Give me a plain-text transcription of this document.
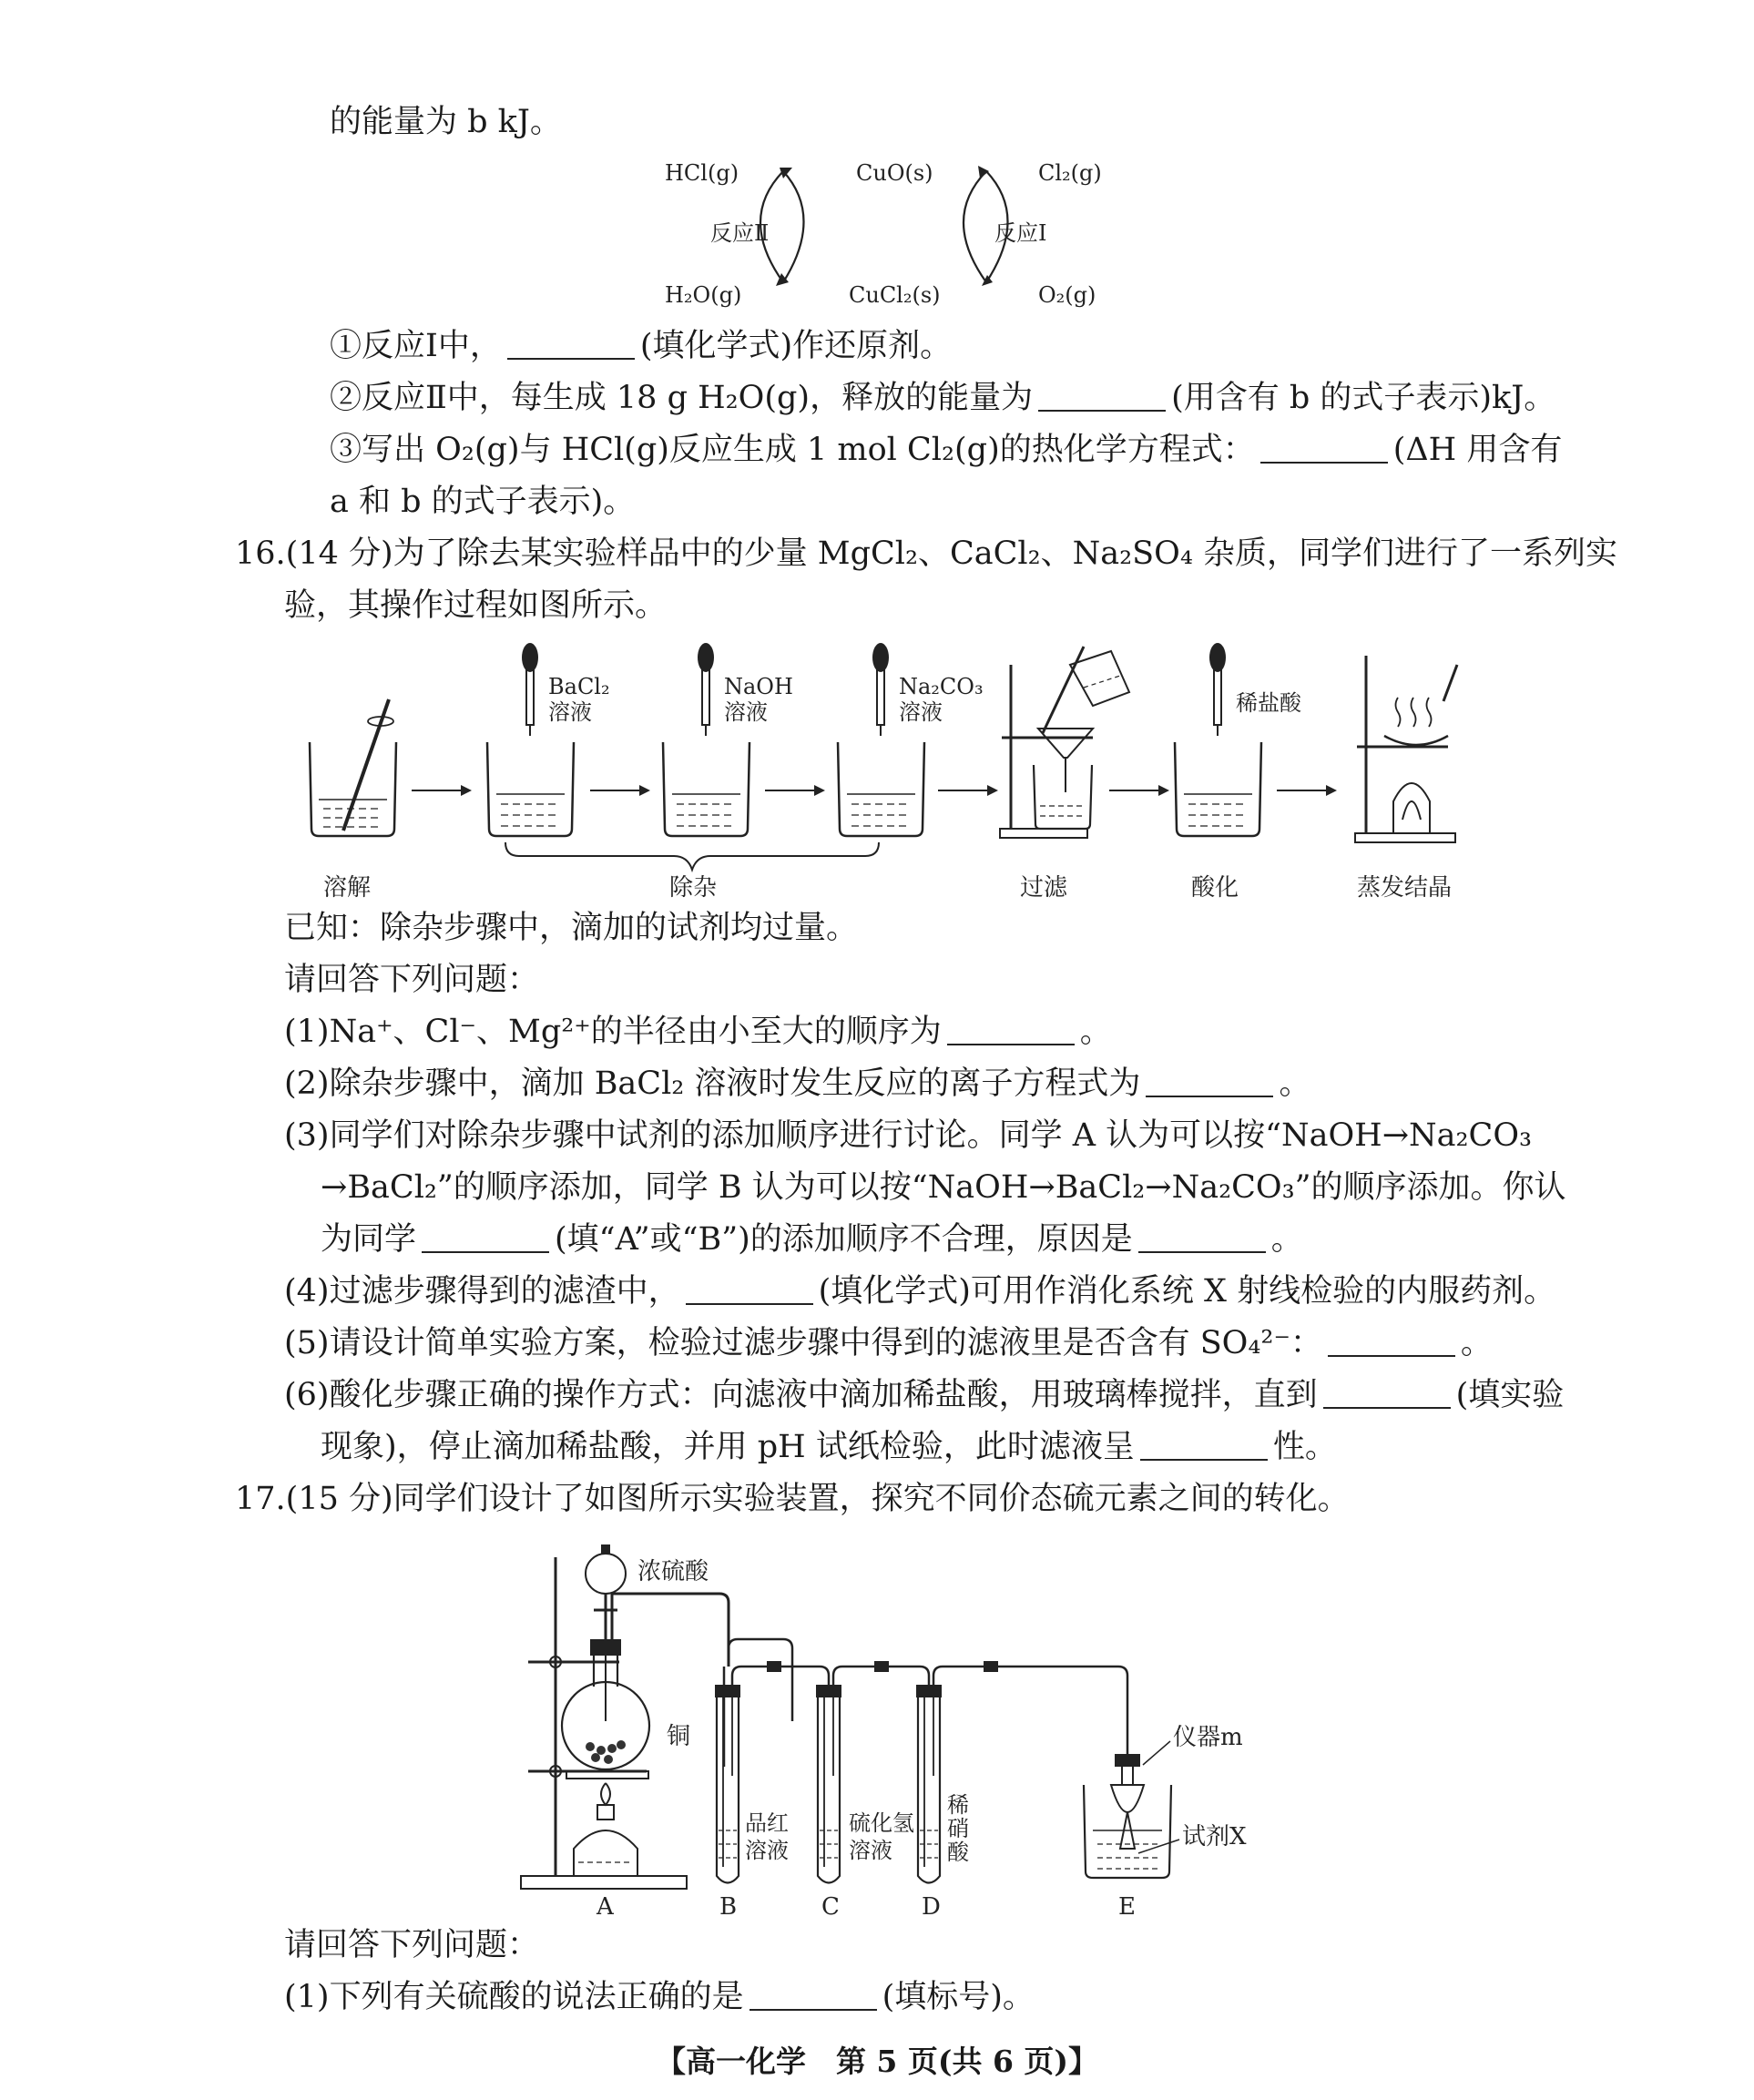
的能量为 b kJ。
HCl(g)	CuO(s)	Cl₂(g)
反应Ⅱ	反应Ⅰ
H₂O(g)	CuCl₂(s)	O₂(g)
①反应Ⅰ中，	(填化学式)作还原剂。
②反应Ⅱ中，每生成 18 g H₂O(g)，释放的能量为	(用含有 b 的式子表示)kJ。
③写出 O₂(g)与 HCl(g)反应生成 1 mol Cl₂(g)的热化学方程式：	(ΔH 用含有
a 和 b 的式子表示)。
16.(14 分)为了除去某实验样品中的少量 MgCl₂、CaCl₂、Na₂SO₄ 杂质，同学们进行了一系列实
验，其操作过程如图所示。
BaCl₂
溶液
NaOH
溶液
Na₂CO₃
溶液	稀盐酸
溶解	除杂	过滤	酸化	蒸发结晶
已知：除杂步骤中，滴加的试剂均过量。
请回答下列问题：
(1)Na⁺、Cl⁻、Mg²⁺的半径由小至大的顺序为	。
(2)除杂步骤中，滴加 BaCl₂ 溶液时发生反应的离子方程式为	。
(3)同学们对除杂步骤中试剂的添加顺序进行讨论。同学 A 认为可以按“NaOH→Na₂CO₃
→BaCl₂”的顺序添加，同学 B 认为可以按“NaOH→BaCl₂→Na₂CO₃”的顺序添加。你认
为同学	(填“A”或“B”)的添加顺序不合理，原因是	。
(4)过滤步骤得到的滤渣中，	(填化学式)可用作消化系统 X 射线检验的内服药剂。
(5)请设计简单实验方案，检验过滤步骤中得到的滤液里是否含有 SO₄²⁻：	。
(6)酸化步骤正确的操作方式：向滤液中滴加稀盐酸，用玻璃棒搅拌，直到	(填实验
现象)，停止滴加稀盐酸，并用 pH 试纸检验，此时滤液呈	性。
17.(15 分)同学们设计了如图所示实验装置，探究不同价态硫元素之间的转化。
浓硫酸
铜
品红
溶液
硫化氢
溶液
稀
硝
酸
仪器m
试剂X
A	B	C	D	E
请回答下列问题：
(1)下列有关硫酸的说法正确的是	(填标号)。
【高一化学　第 5 页(共 6 页)】
